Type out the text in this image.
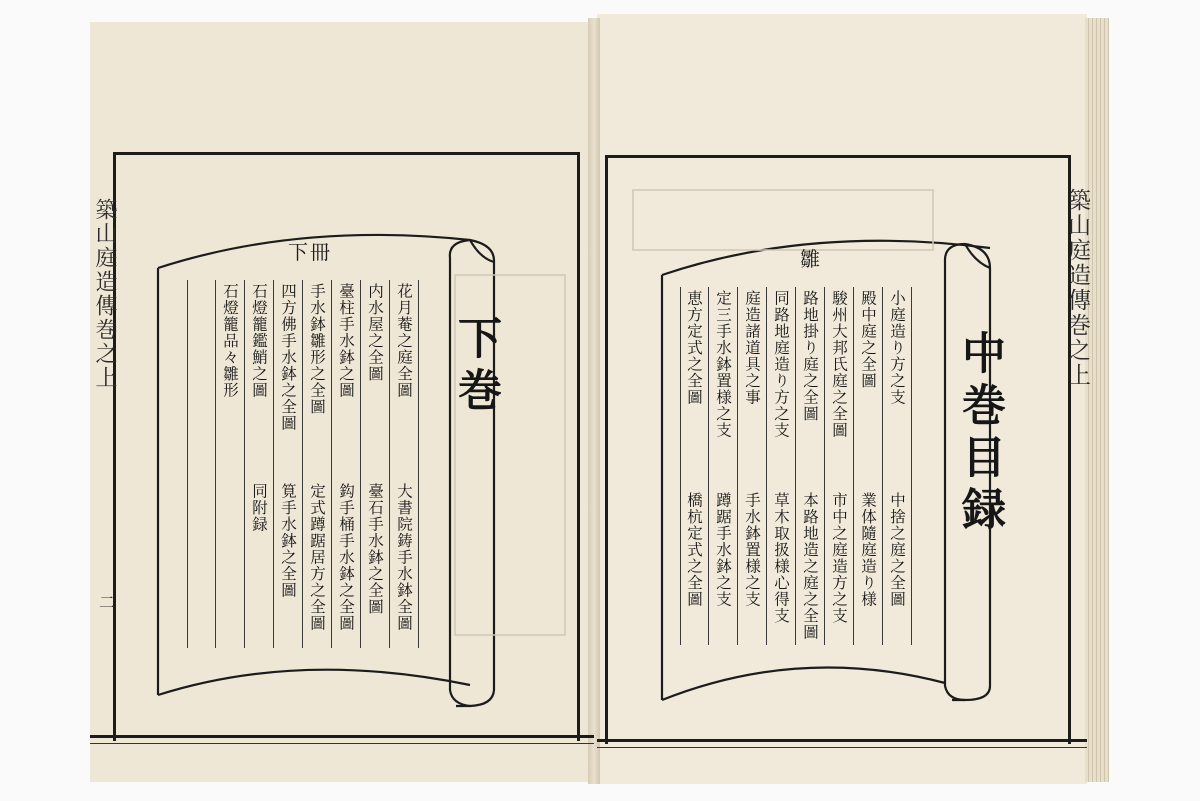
築山庭造傳巻之上	築山庭造傳巻之上
二
下冊	雛
花月菴之庭全圖
内水屋之全圖
臺柱手水鉢之圖
手水鉢雛形之全圖
四方佛手水鉢之全圖
石燈籠鑑鮹之圖
石燈籠品々雛形
大書院鋳手水鉢全圖
臺石手水鉢之全圖
鈎手桶手水鉢之全圖
定式蹲踞居方之全圖
筧手水鉢之全圖
同附録
小庭造り方之支
殿中庭之全圖
駿州大邦氏庭之全圖
路地掛り庭之全圖
同路地庭造り方之支
庭造諸道具之事
定三手水鉢置様之支
恵方定式之全圖
中捨之庭之全圖
業体隨庭造り様
市中之庭造方之支
本路地造之庭之全圖
草木取扱様心得支
手水鉢置様之支
蹲踞手水鉢之支
橋杭定式之全圖
下巻	中巻目録
